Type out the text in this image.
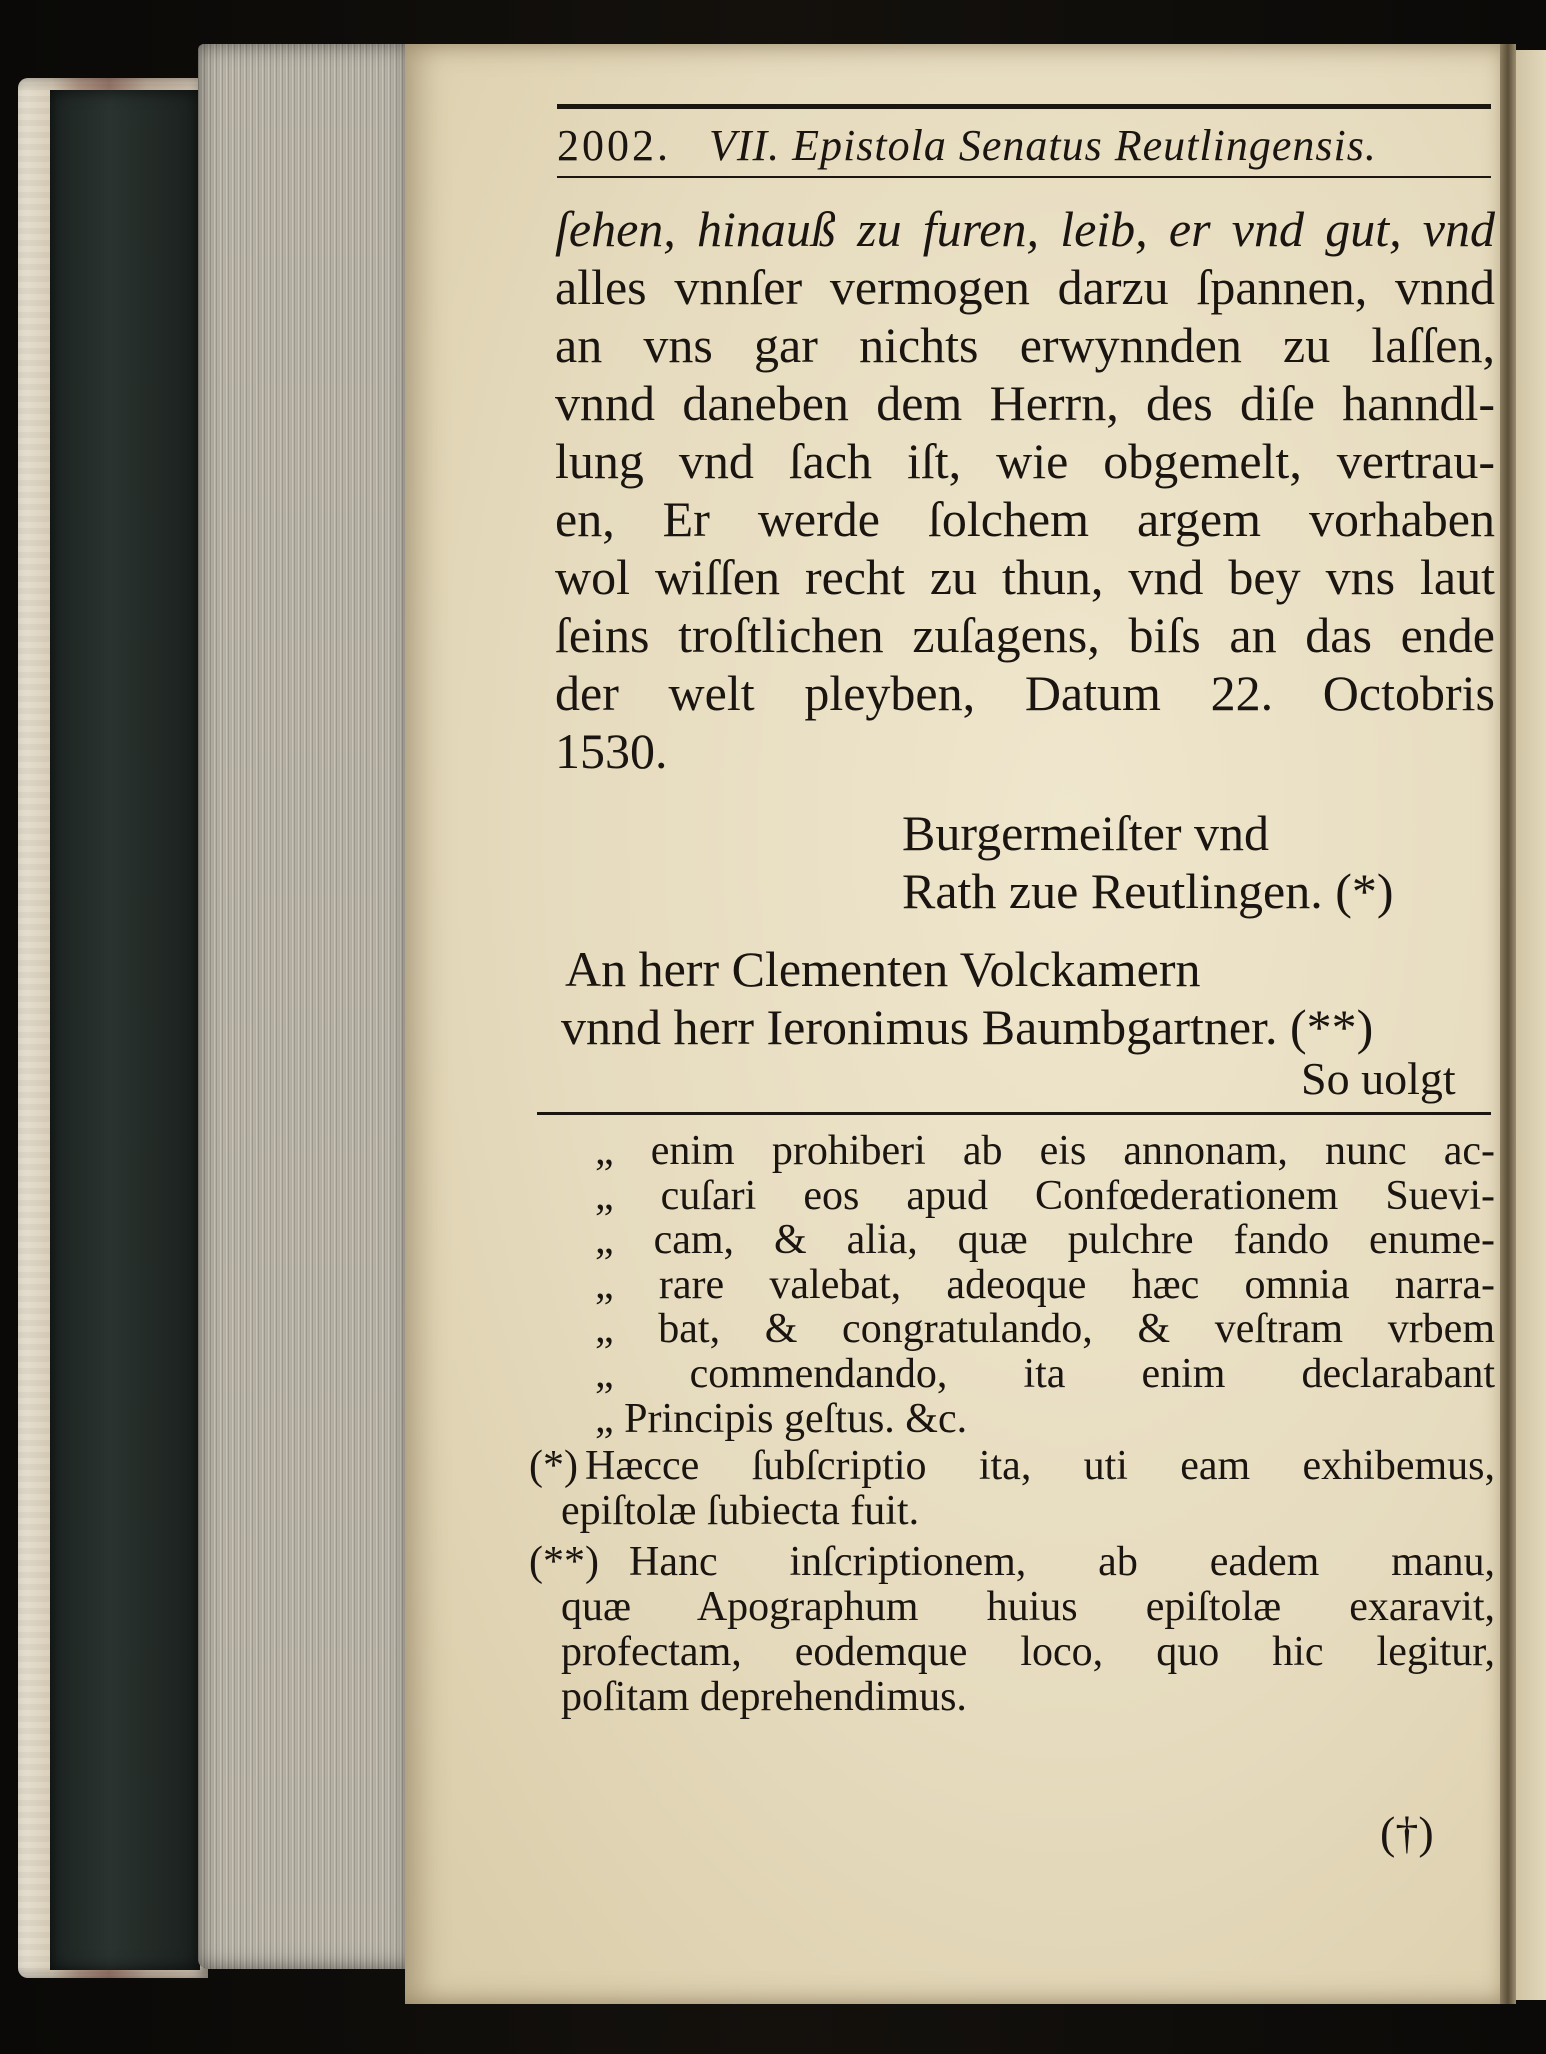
2002. VII. Epistola Senatus Reutlingensis.
ſehen, hinauß zu furen, leib, er vnd gut, vnd
alles vnnſer vermogen darzu ſpannen, vnnd
an vns gar nichts erwynnden zu laſſen,
vnnd daneben dem Herrn, des diſe hanndl-
lung vnd ſach iſt, wie obgemelt, vertrau-
en, Er werde ſolchem argem vorhaben
wol wiſſen recht zu thun, vnd bey vns laut
ſeins troſtlichen zuſagens, biſs an das ende
der welt pleyben, Datum 22. Octobris
1530.
Burgermeiſter vnd
Rath zue Reutlingen. (*)
An herr Clementen Volckamern
vnnd herr Ieronimus Baumbgartner. (**)
So uolgt
„ enim prohiberi ab eis annonam, nunc ac-
„ cuſari eos apud Confœderationem Suevi-
„ cam, & alia, quæ pulchre fando enume-
„ rare valebat, adeoque hæc omnia narra-
„ bat, & congratulando, & veſtram vrbem
„ commendando, ita enim declarabant
„ Principis geſtus. &c.
(*) Hæcce ſubſcriptio ita, uti eam exhibemus,
epiſtolæ ſubiecta fuit.
(**) Hanc inſcriptionem, ab eadem manu,
quæ Apographum huius epiſtolæ exaravit,
profectam, eodemque loco, quo hic legitur,
poſitam deprehendimus.
(†)
